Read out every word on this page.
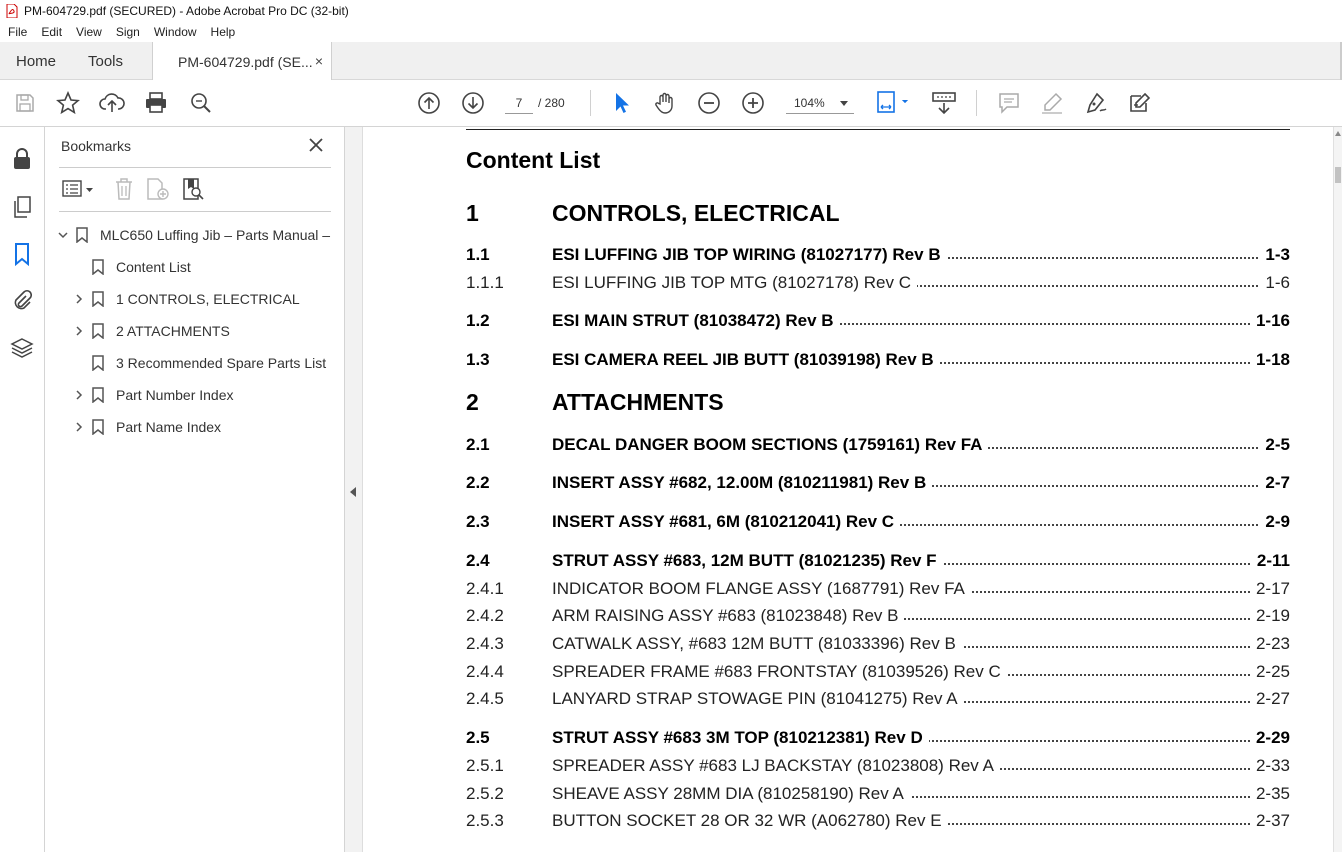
PM-604729.pdf (SECURED) - Adobe Acrobat Pro DC (32-bit)
File	Edit	View	Sign	Window	Help
Home Tools	PM-604729.pdf (SE... ×
7	/ 280	104%
Bookmarks
MLC650 Luffing Jib – Parts Manual –
Content List
1 CONTROLS, ELECTRICAL
2 ATTACHMENTS
3 Recommended Spare Parts List
Part Number Index
Part Name Index
Content List
1	CONTROLS, ELECTRICAL
1.1	ESI LUFFING JIB TOP WIRING (81027177) Rev B	1-3
1.1.1	ESI LUFFING JIB TOP MTG (81027178) Rev C	1-6
1.2	ESI MAIN STRUT (81038472) Rev B	1-16
1.3	ESI CAMERA REEL JIB BUTT (81039198) Rev B	1-18
2	ATTACHMENTS
2.1	DECAL DANGER BOOM SECTIONS (1759161) Rev FA	2-5
2.2	INSERT ASSY #682, 12.00M (810211981) Rev B	2-7
2.3	INSERT ASSY #681, 6M (810212041) Rev C	2-9
2.4	STRUT ASSY #683, 12M BUTT (81021235) Rev F	2-11
2.4.1	INDICATOR BOOM FLANGE ASSY (1687791) Rev FA	2-17
2.4.2	ARM RAISING ASSY #683 (81023848) Rev B	2-19
2.4.3	CATWALK ASSY, #683 12M BUTT (81033396) Rev B	2-23
2.4.4	SPREADER FRAME #683 FRONTSTAY (81039526) Rev C	2-25
2.4.5	LANYARD STRAP STOWAGE PIN (81041275) Rev A	2-27
2.5	STRUT ASSY #683 3M TOP (810212381) Rev D	2-29
2.5.1	SPREADER ASSY #683 LJ BACKSTAY (81023808) Rev A	2-33
2.5.2	SHEAVE ASSY 28MM DIA (810258190) Rev A	2-35
2.5.3	BUTTON SOCKET 28 OR 32 WR (A062780) Rev E	2-37
